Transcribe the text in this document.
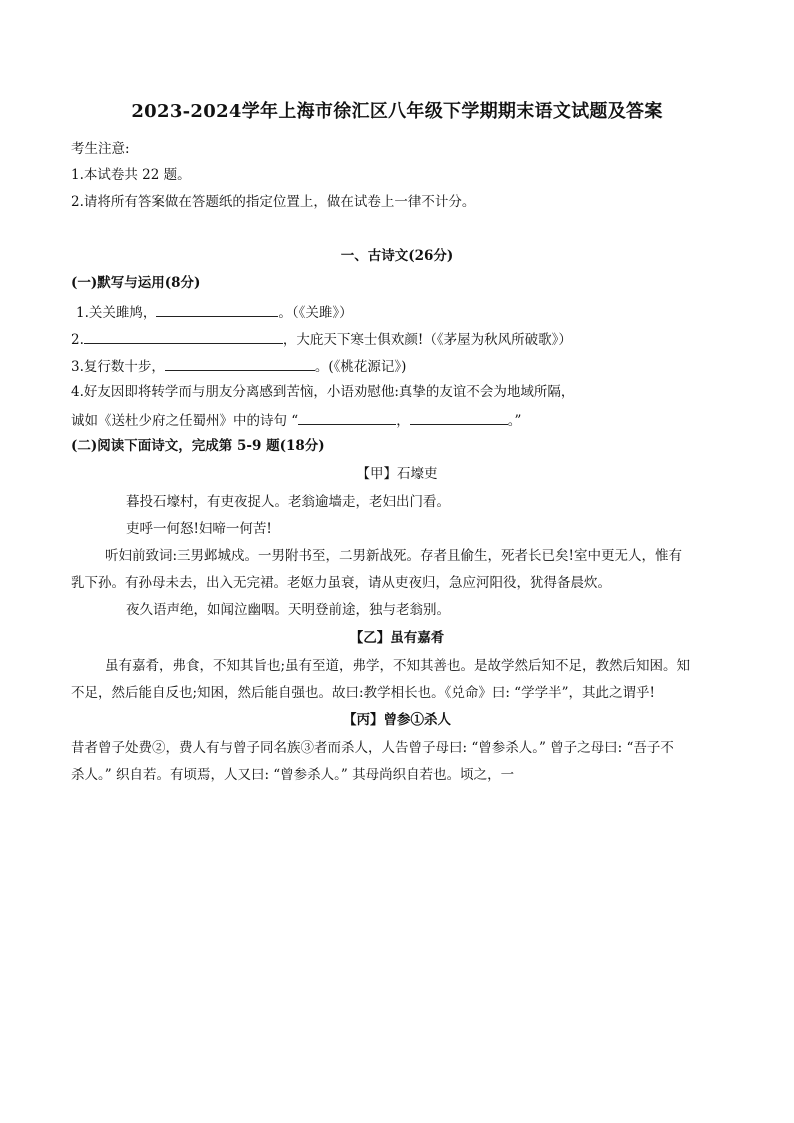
2023-2024学年上海市徐汇区八年级下学期期末语文试题及答案
考生注意:
1.本试卷共 22 题。
2.请将所有答案做在答题纸的指定位置上，做在试卷上一律不计分。
一、古诗文(26分)
(一)默写与运用(8分)
1.关关雎鸠，	。（《关雎》）
2.	，大庇天下寒士俱欢颜!（《茅屋为秋风所破歌》）
3.复行数十步，	。(《桃花源记》)
4.好友因即将转学而与朋友分离感到苦恼，小语劝慰他:真挚的友谊不会为地域所隔，
诚如《送杜少府之任蜀州》中的诗句 “	，	。”
(二)阅读下面诗文，完成第 5-9 题(18分)
【甲】石壕吏
暮投石壕村，有吏夜捉人。老翁逾墙走，老妇出门看。
吏呼一何怒!妇啼一何苦!
听妇前致词:三男邺城戍。一男附书至，二男新战死。存者且偷生，死者长已矣!室中更无人，惟有
乳下孙。有孙母未去，出入无完裙。老妪力虽衰，请从吏夜归，急应河阳役，犹得备晨炊。
夜久语声绝，如闻泣幽咽。天明登前途，独与老翁别。
【乙】虽有嘉肴
虽有嘉肴，弗食，不知其旨也;虽有至道，弗学，不知其善也。是故学然后知不足，教然后知困。知
不足，然后能自反也;知困，然后能自强也。故曰:教学相长也。《兑命》曰: “学学半”，其此之谓乎!
【丙】曾参①杀人
昔者曾子处费②，费人有与曾子同名族③者而杀人，人告曾子母曰: “曾参杀人。” 曾子之母曰: “吾子不
杀人。” 织自若。有顷焉，人又曰: “曾参杀人。” 其母尚织自若也。顷之，一
